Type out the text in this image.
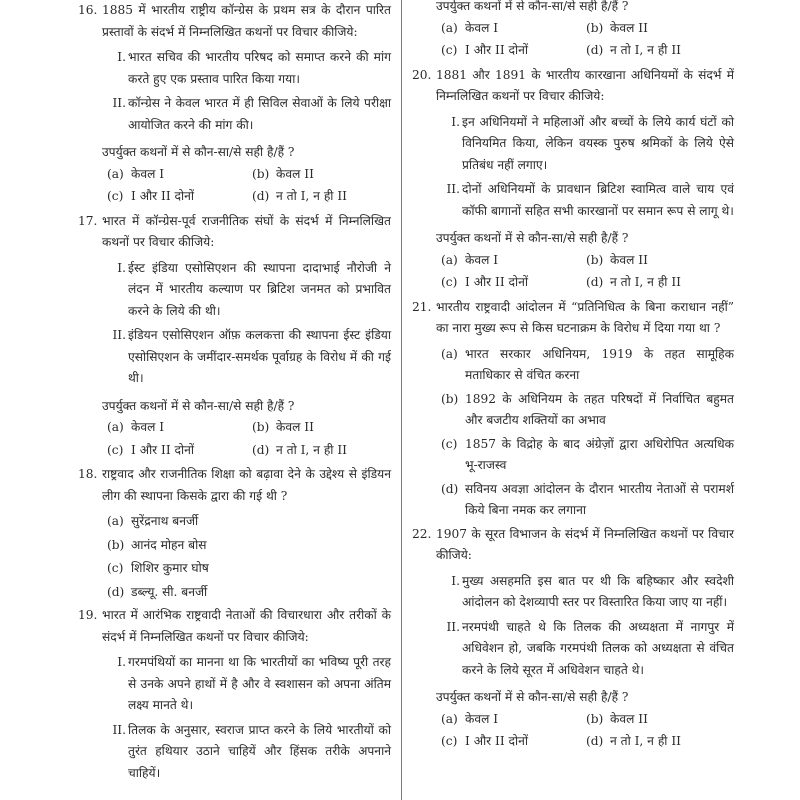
16. 1885 में भारतीय राष्ट्रीय कॉन्ग्रेस के प्रथम सत्र के दौरान पारित प्रस्तावों के संदर्भ में निम्नलिखित कथनों पर विचार कीजिये:
I. भारत सचिव की भारतीय परिषद को समाप्त करने की मांग करते हुए एक प्रस्ताव पारित किया गया।
II. कॉन्ग्रेस ने केवल भारत में ही सिविल सेवाओं के लिये परीक्षा आयोजित करने की मांग की।
उपर्युक्त कथनों में से कौन-सा/से सही है/हैं ?
(a) केवल I	(b) केवल II
(c) I और II दोनों	(d) न तो I, न ही II
17. भारत में कॉन्ग्रेस-पूर्व राजनीतिक संघों के संदर्भ में निम्नलिखित कथनों पर विचार कीजिये:
I. ईस्ट इंडिया एसोसिएशन की स्थापना दादाभाई नौरोजी ने लंदन में भारतीय कल्याण पर ब्रिटिश जनमत को प्रभावित करने के लिये की थी।
II. इंडियन एसोसिएशन ऑफ़ कलकत्ता की स्थापना ईस्ट इंडिया एसोसिएशन के जमींदार-समर्थक पूर्वाग्रह के विरोध में की गई थी।
उपर्युक्त कथनों में से कौन-सा/से सही है/हैं ?
(a) केवल I	(b) केवल II
(c) I और II दोनों	(d) न तो I, न ही II
18. राष्ट्रवाद और राजनीतिक शिक्षा को बढ़ावा देने के उद्देश्य से इंडियन लीग की स्थापना किसके द्वारा की गई थी ?
(a) सुरेंद्रनाथ बनर्जी
(b) आनंद मोहन बोस
(c) शिशिर कुमार घोष
(d) डब्ल्यू. सी. बनर्जी
19. भारत में आरंभिक राष्ट्रवादी नेताओं की विचारधारा और तरीकों के संदर्भ में निम्नलिखित कथनों पर विचार कीजिये:
I. गरमपंथियों का मानना था कि भारतीयों का भविष्य पूरी तरह से उनके अपने हाथों में है और वे स्वशासन को अपना अंतिम लक्ष्य मानते थे।
II. तिलक के अनुसार, स्वराज प्राप्त करने के लिये भारतीयों को तुरंत हथियार उठाने चाहियें और हिंसक तरीके अपनाने चाहियें।
उपर्युक्त कथनों में से कौन-सा/से सही है/हैं ?
(a) केवल I	(b) केवल II
(c) I और II दोनों	(d) न तो I, न ही II
20. 1881 और 1891 के भारतीय कारखाना अधिनियमों के संदर्भ में निम्नलिखित कथनों पर विचार कीजिये:
I. इन अधिनियमों ने महिलाओं और बच्चों के लिये कार्य घंटों को विनियमित किया, लेकिन वयस्क पुरुष श्रमिकों के लिये ऐसे प्रतिबंध नहीं लगाए।
II. दोनों अधिनियमों के प्रावधान ब्रिटिश स्वामित्व वाले चाय एवं कॉफी बागानों सहित सभी कारखानों पर समान रूप से लागू थे।
उपर्युक्त कथनों में से कौन-सा/से सही है/हैं ?
(a) केवल I	(b) केवल II
(c) I और II दोनों	(d) न तो I, न ही II
21. भारतीय राष्ट्रवादी आंदोलन में “प्रतिनिधित्व के बिना कराधान नहीं” का नारा मुख्य रूप से किस घटनाक्रम के विरोध में दिया गया था ?
(a) भारत सरकार अधिनियम, 1919 के तहत सामूहिक मताधिकार से वंचित करना
(b) 1892 के अधिनियम के तहत परिषदों में निर्वाचित बहुमत और बजटीय शक्तियों का अभाव
(c) 1857 के विद्रोह के बाद अंग्रेज़ों द्वारा अधिरोपित अत्यधिक भू-राजस्व
(d) सविनय अवज्ञा आंदोलन के दौरान भारतीय नेताओं से परामर्श किये बिना नमक कर लगाना
22. 1907 के सूरत विभाजन के संदर्भ में निम्नलिखित कथनों पर विचार कीजिये:
I. मुख्य असहमति इस बात पर थी कि बहिष्कार और स्वदेशी आंदोलन को देशव्यापी स्तर पर विस्तारित किया जाए या नहीं।
II. नरमपंथी चाहते थे कि तिलक की अध्यक्षता में नागपुर में अधिवेशन हो, जबकि गरमपंथी तिलक को अध्यक्षता से वंचित करने के लिये सूरत में अधिवेशन चाहते थे।
उपर्युक्त कथनों में से कौन-सा/से सही है/हैं ?
(a) केवल I	(b) केवल II
(c) I और II दोनों	(d) न तो I, न ही II
